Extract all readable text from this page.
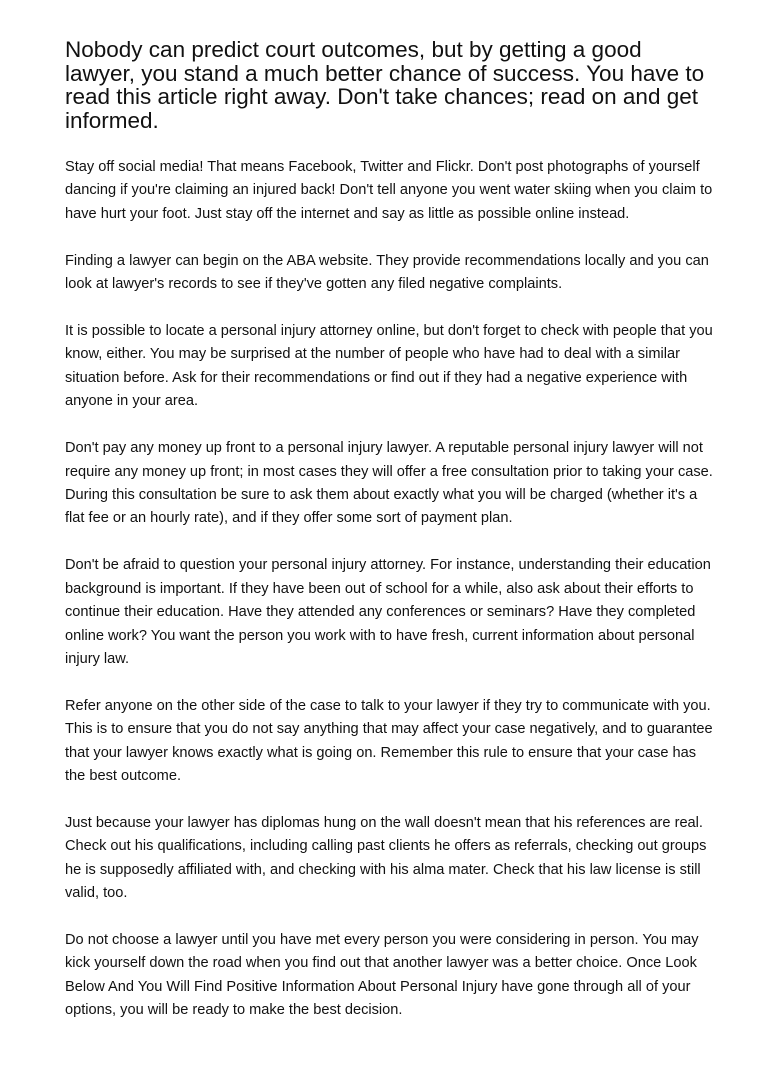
Nobody can predict court outcomes, but by getting a good lawyer, you stand a much better chance of success. You have to read this article right away. Don't take chances; read on and get informed.

Stay off social media! That means Facebook, Twitter and Flickr. Don't post photographs of yourself dancing if you're claiming an injured back! Don't tell anyone you went water skiing when you claim to have hurt your foot. Just stay off the internet and say as little as possible online instead.

Finding a lawyer can begin on the ABA website. They provide recommendations locally and you can look at lawyer's records to see if they've gotten any filed negative complaints.

It is possible to locate a personal injury attorney online, but don't forget to check with people that you know, either. You may be surprised at the number of people who have had to deal with a similar situation before. Ask for their recommendations or find out if they had a negative experience with anyone in your area.

Don't pay any money up front to a personal injury lawyer. A reputable personal injury lawyer will not require any money up front; in most cases they will offer a free consultation prior to taking your case. During this consultation be sure to ask them about exactly what you will be charged (whether it's a flat fee or an hourly rate), and if they offer some sort of payment plan.

Don't be afraid to question your personal injury attorney. For instance, understanding their education background is important. If they have been out of school for a while, also ask about their efforts to continue their education. Have they attended any conferences or seminars? Have they completed online work? You want the person you work with to have fresh, current information about personal injury law.

Refer anyone on the other side of the case to talk to your lawyer if they try to communicate with you. This is to ensure that you do not say anything that may affect your case negatively, and to guarantee that your lawyer knows exactly what is going on. Remember this rule to ensure that your case has the best outcome.

Just because your lawyer has diplomas hung on the wall doesn't mean that his references are real. Check out his qualifications, including calling past clients he offers as referrals, checking out groups he is supposedly affiliated with, and checking with his alma mater. Check that his law license is still valid, too.

Do not choose a lawyer until you have met every person you were considering in person. You may kick yourself down the road when you find out that another lawyer was a better choice. Once Look Below And You Will Find Positive Information About Personal Injury have gone through all of your options, you will be ready to make the best decision.
